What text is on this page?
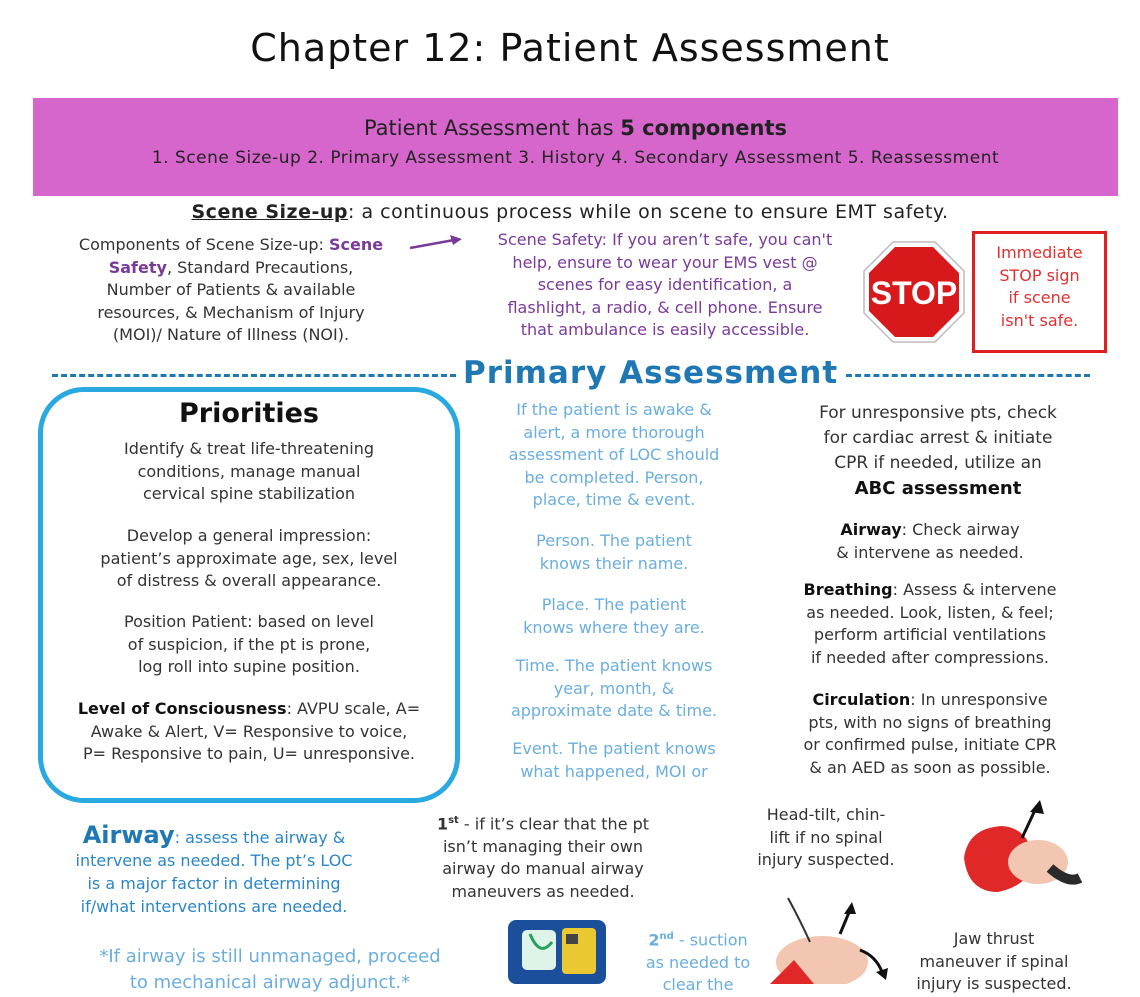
Chapter 12: Patient Assessment
Patient Assessment has 5 components
1. Scene Size-up 2. Primary Assessment 3. History 4. Secondary Assessment 5. Reassessment
Scene Size-up: a continuous process while on scene to ensure EMT safety.
Components of Scene Size-up: Scene
Safety, Standard Precautions,
Number of Patients & available
resources, & Mechanism of Injury
(MOI)/ Nature of Illness (NOI).
Scene Safety: If you aren’t safe, you can't
help, ensure to wear your EMS vest @
scenes for easy identification, a
flashlight, a radio, & cell phone. Ensure
that ambulance is easily accessible.
STOP
Immediate
STOP sign
if scene
isn't safe.
Primary Assessment
Priorities
Identify & treat life-threatening
conditions, manage manual
cervical spine stabilization
Develop a general impression:
patient’s approximate age, sex, level
of distress & overall appearance.
Position Patient: based on level
of suspicion, if the pt is prone,
log roll into supine position.
Level of Consciousness: AVPU scale, A=
Awake & Alert, V= Responsive to voice,
P= Responsive to pain, U= unresponsive.
If the patient is awake &
alert, a more thorough
assessment of LOC should
be completed. Person,
place, time & event.
Person. The patient
knows their name.
Place. The patient
knows where they are.
Time. The patient knows
year, month, &
approximate date & time.
Event. The patient knows
what happened, MOI or
For unresponsive pts, check
for cardiac arrest & initiate
CPR if needed, utilize an
ABC assessment
Airway: Check airway
& intervene as needed.
Breathing: Assess & intervene
as needed. Look, listen, & feel;
perform artificial ventilations
if needed after compressions.
Circulation: In unresponsive
pts, with no signs of breathing
or confirmed pulse, initiate CPR
& an AED as soon as possible.
Airway: assess the airway &
intervene as needed. The pt’s LOC
is a major factor in determining
if/what interventions are needed.
*If airway is still unmanaged, proceed
to mechanical airway adjunct.*
1st - if it’s clear that the pt
isn’t managing their own
airway do manual airway
maneuvers as needed.
2nd - suction
as needed to
clear the
Head-tilt, chin-
lift if no spinal
injury suspected.
Jaw thrust
maneuver if spinal
injury is suspected.
